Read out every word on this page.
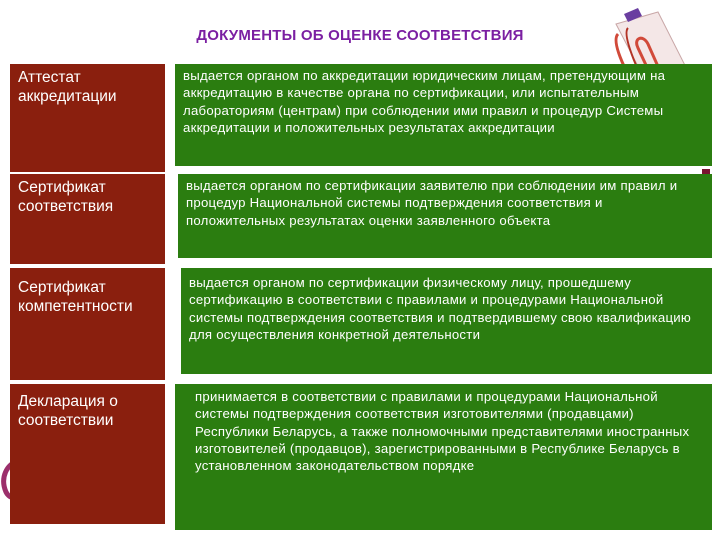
ДОКУМЕНТЫ ОБ ОЦЕНКЕ СООТВЕТСТВИЯ
Аттестат аккредитации
выдается органом по аккредитации юридическим лицам, претендующим на аккредитацию в качестве органа по сертификации, или испытательным лабораториям (центрам) при соблюдении ими правил и процедур Системы аккредитации и положительных результатах аккредитации
Сертификат соответствия
выдается органом по сертификации заявителю при соблюдении им правил и процедур Национальной системы подтверждения соответствия и положительных результатах оценки заявленного объекта
Сертификат компетентности
выдается органом по сертификации физическому лицу, прошедшему сертификацию в соответствии с правилами и процедурами Национальной системы подтверждения соответствия и подтвердившему свою квалификацию для осуществления конкретной деятельности
Декларация о соответствии
принимается в соответствии с правилами и процедурами Национальной системы подтверждения соответствия изготовителями (продавцами) Республики Беларусь, а также полномочными представителями иностранных изготовителей (продавцов), зарегистрированными в Республике Беларусь в установленном законодательством порядке
